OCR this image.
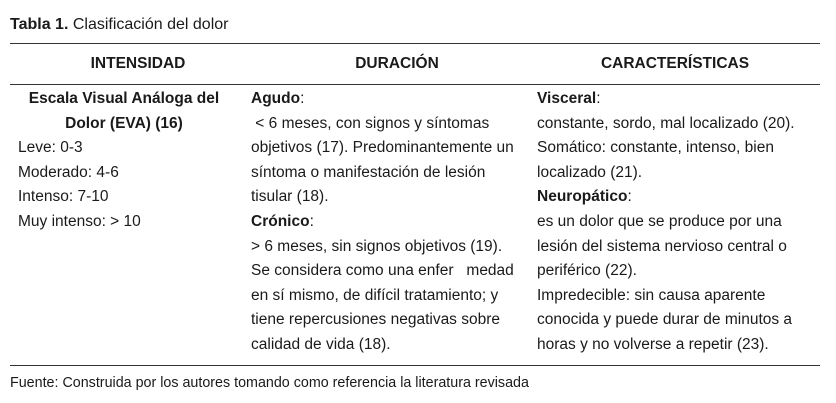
Tabla 1. Clasificación del dolor
INTENSIDAD	DURACIÓN	CARACTERÍSTICAS
Escala Visual Análoga del
Dolor (EVA) (16)
Leve: 0-3
Moderado: 4-6
Intenso: 7-10
Muy intenso: > 10
Agudo:
< 6 meses, con signos y síntomas
objetivos (17). Predominantemente un
síntoma o manifestación de lesión
tisular (18).
Crónico:
> 6 meses, sin signos objetivos (19).
Se considera como una enfer   medad
en sí mismo, de difícil tratamiento; y
tiene repercusiones negativas sobre
calidad de vida (18).
Visceral:
constante, sordo, mal localizado (20).
Somático: constante, intenso, bien
localizado (21).
Neuropático:
es un dolor que se produce por una
lesión del sistema nervioso central o
periférico (22).
Impredecible: sin causa aparente
conocida y puede durar de minutos a
horas y no volverse a repetir (23).
Fuente: Construida por los autores tomando como referencia la literatura revisada
